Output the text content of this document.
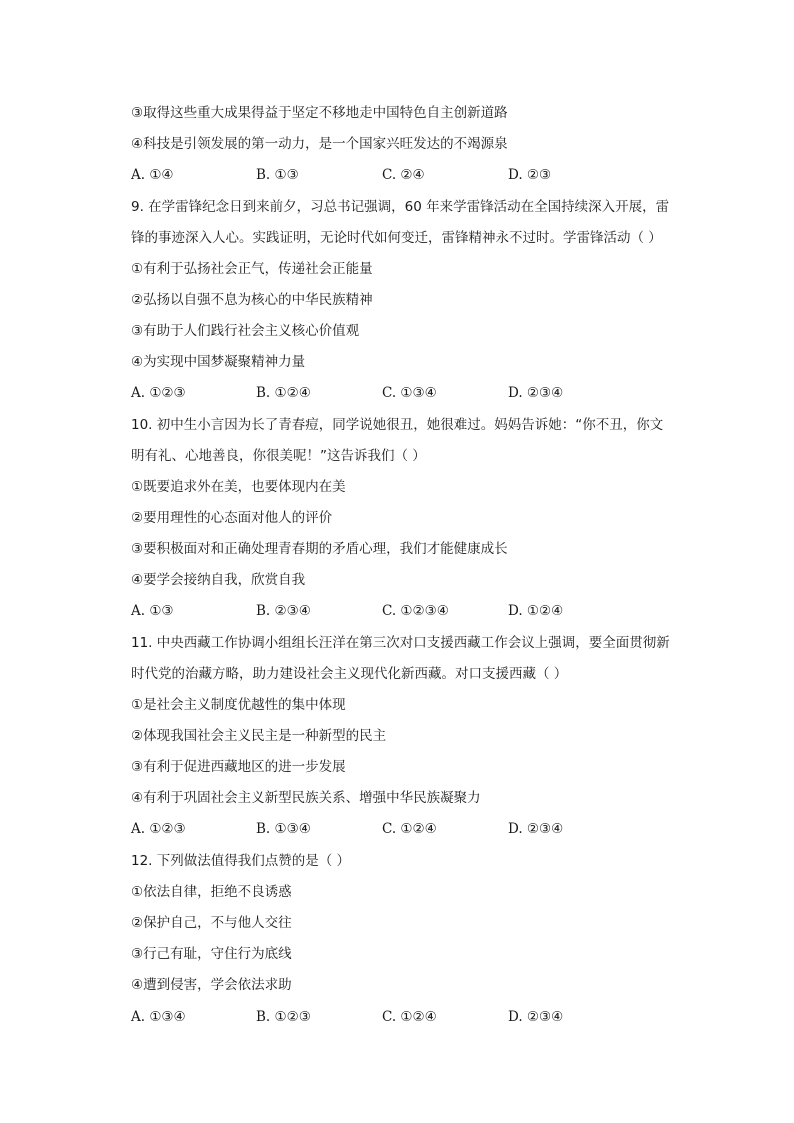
③取得这些重大成果得益于坚定不移地走中国特色自主创新道路
④科技是引领发展的第一动力，是一个国家兴旺发达的不竭源泉
A. ①④	B. ①③	C. ②④	D. ②③
9. 在学雷锋纪念日到来前夕，习总书记强调，60 年来学雷锋活动在全国持续深入开展，雷
锋的事迹深入人心。实践证明，无论时代如何变迁，雷锋精神永不过时。学雷锋活动（ ）
①有利于弘扬社会正气，传递社会正能量
②弘扬以自强不息为核心的中华民族精神
③有助于人们践行社会主义核心价值观
④为实现中国梦凝聚精神力量
A. ①②③	B. ①②④	C. ①③④	D. ②③④
10. 初中生小言因为长了青春痘，同学说她很丑，她很难过。妈妈告诉她：“你不丑，你文
明有礼、心地善良，你很美呢！”这告诉我们（ ）
①既要追求外在美，也要体现内在美
②要用理性的心态面对他人的评价
③要积极面对和正确处理青春期的矛盾心理，我们才能健康成长
④要学会接纳自我，欣赏自我
A. ①③	B. ②③④	C. ①②③④	D. ①②④
11. 中央西藏工作协调小组组长汪洋在第三次对口支援西藏工作会议上强调，要全面贯彻新
时代党的治藏方略，助力建设社会主义现代化新西藏。对口支援西藏（ ）
①是社会主义制度优越性的集中体现
②体现我国社会主义民主是一种新型的民主
③有利于促进西藏地区的进一步发展
④有利于巩固社会主义新型民族关系、增强中华民族凝聚力
A. ①②③	B. ①③④	C. ①②④	D. ②③④
12. 下列做法值得我们点赞的是（ ）
①依法自律，拒绝不良诱惑
②保护自己，不与他人交往
③行己有耻，守住行为底线
④遭到侵害，学会依法求助
A. ①③④	B. ①②③	C. ①②④	D. ②③④
